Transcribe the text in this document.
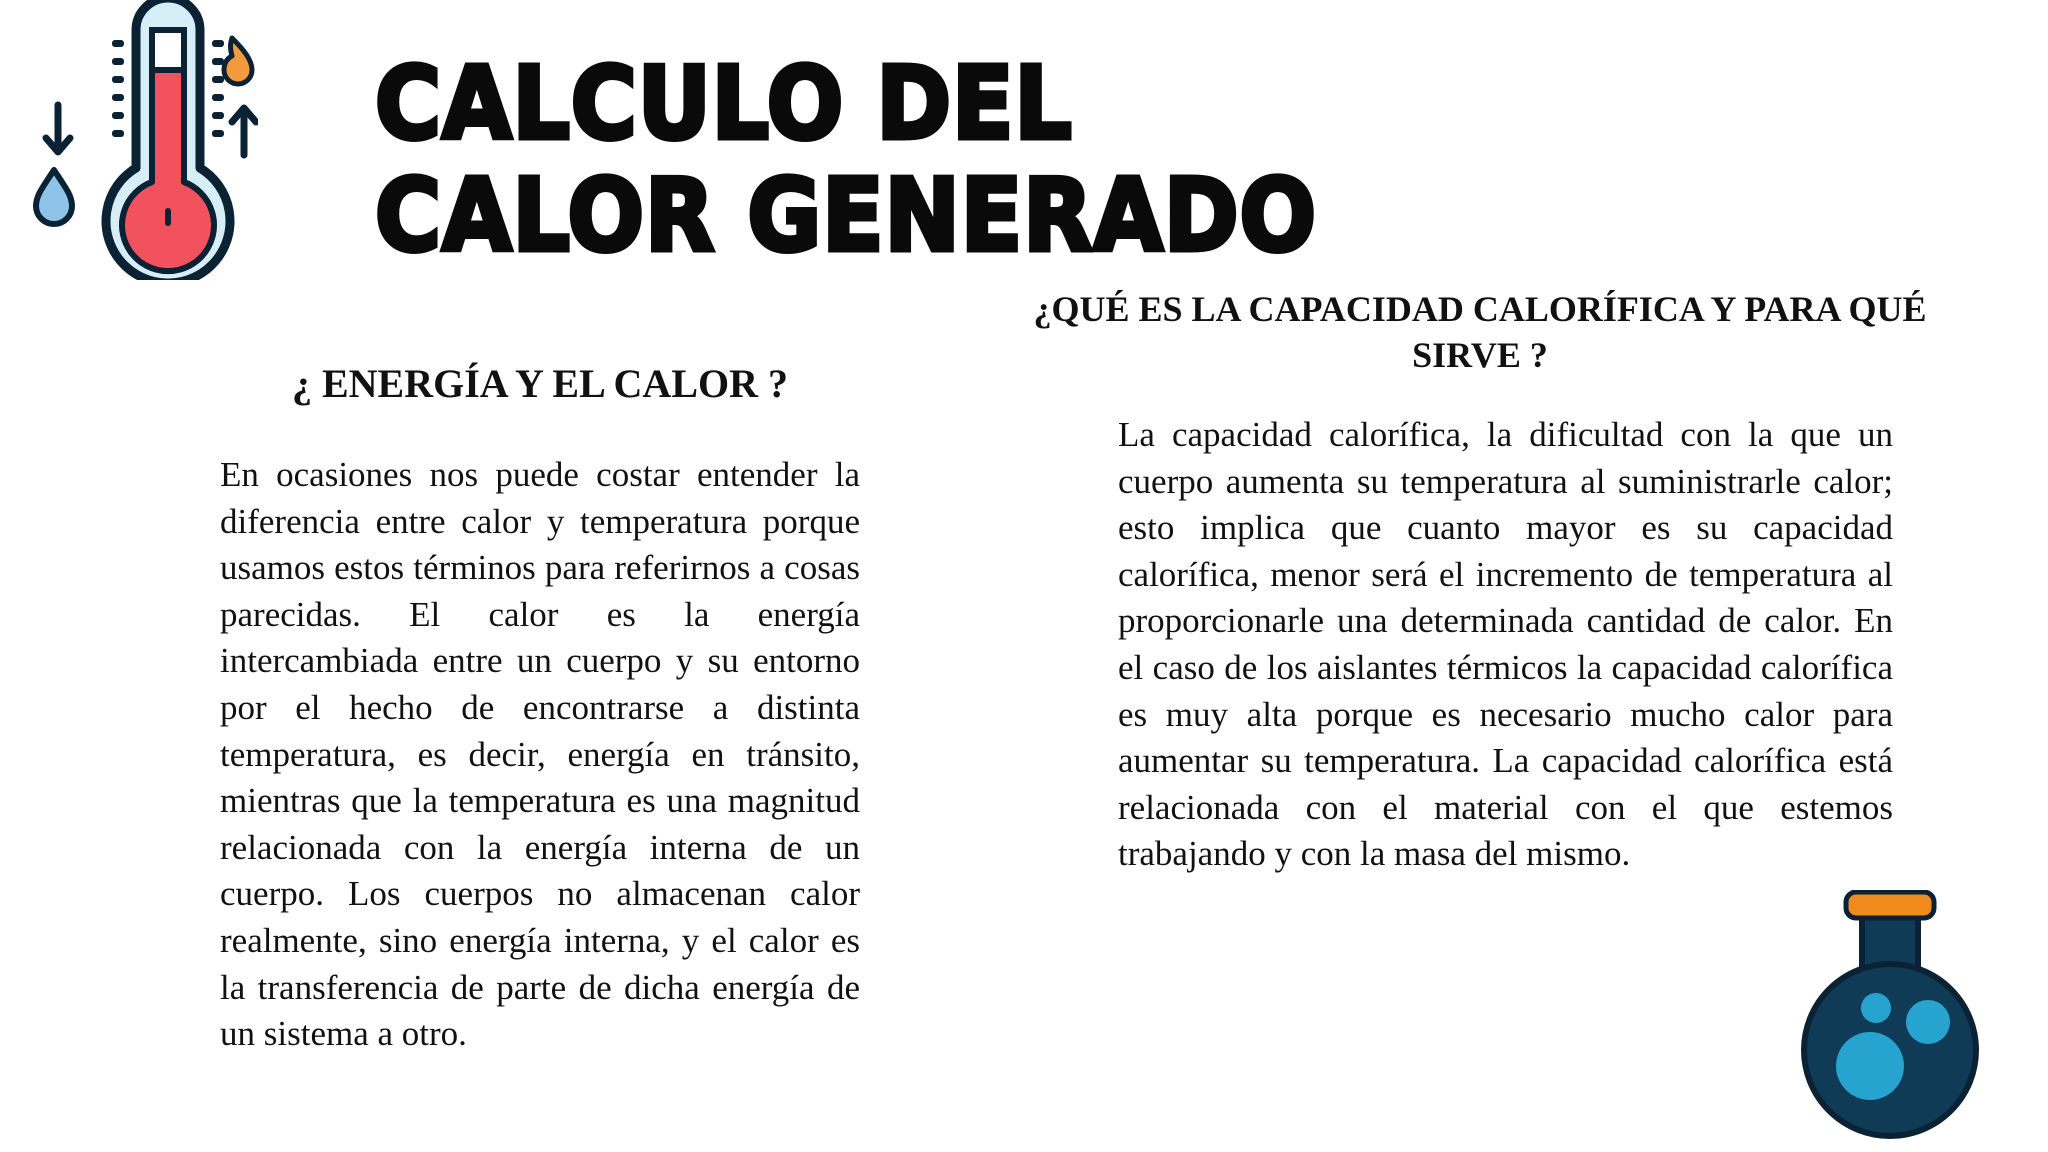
CALCULO DEL CALOR GENERADO
¿ ENERGÍA Y EL CALOR ?

En ocasiones nos puede costar entender la diferencia entre calor y temperatura porque usamos estos términos para referirnos a cosas parecidas. El calor es la energía intercambiada entre un cuerpo y su entorno por el hecho de encontrarse a distinta temperatura, es decir, energía en tránsito, mientras que la temperatura es una magnitud relacionada con la energía interna de un cuerpo. Los cuerpos no almacenan calor realmente, sino energía interna, y el calor es la transferencia de parte de dicha energía de un sistema a otro.

¿QUÉ ES LA CAPACIDAD CALORÍFICA Y PARA QUÉ SIRVE ?

La capacidad calorífica, la dificultad con la que un cuerpo aumenta su temperatura al suministrarle calor; esto implica que cuanto mayor es su capacidad calorífica, menor será el incremento de temperatura al proporcionarle una determinada cantidad de calor. En el caso de los aislantes térmicos la capacidad calorífica es muy alta porque es necesario mucho calor para aumentar su temperatura. La capacidad calorífica está relacionada con el material con el que estemos trabajando y con la masa del mismo.
